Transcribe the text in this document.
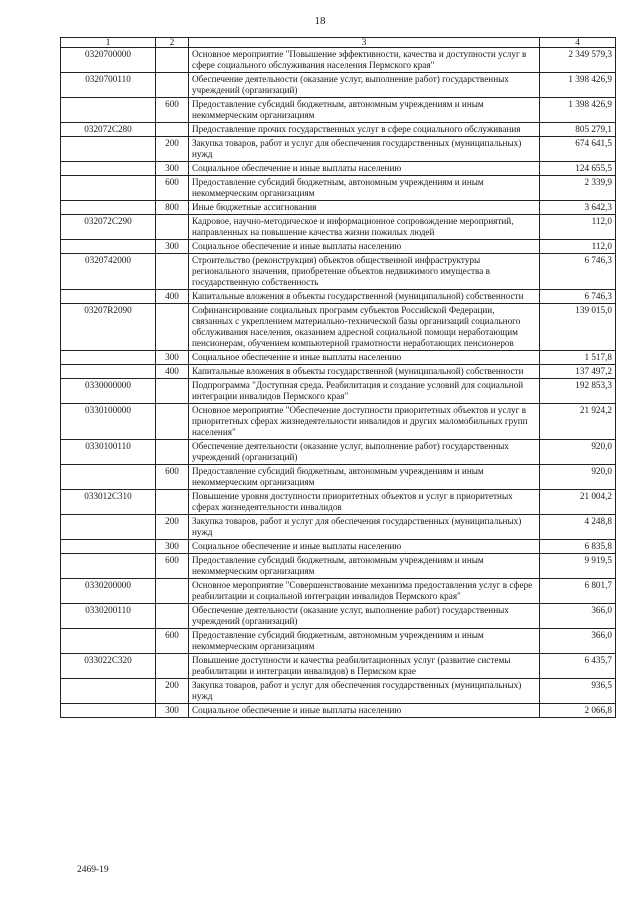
18
1	2	3	4
0320700000		Основное мероприятие "Повышение эффективности, качества и доступности услуг в сфере социального обслуживания населения Пермского края"	2 349 579,3
0320700110		Обеспечение деятельности (оказание услуг, выполнение работ) государственных учреждений (организаций)	1 398 426,9
	600	Предоставление субсидий бюджетным, автономным учреждениям и иным некоммерческим организациям	1 398 426,9
032072С280		Предоставление прочих государственных услуг в сфере социального обслуживания	805 279,1
	200	Закупка товаров, работ и услуг для обеспечения государственных (муниципальных) нужд	674 641,5
	300	Социальное обеспечение и иные выплаты населению	124 655,5
	600	Предоставление субсидий бюджетным, автономным учреждениям и иным некоммерческим организациям	2 339,9
	800	Иные бюджетные ассигнования	3 642,3
032072С290		Кадровое, научно-методическое и информационное сопровождение мероприятий, направленных на повышение качества жизни пожилых людей	112,0
	300	Социальное обеспечение и иные выплаты населению	112,0
0320742000		Строительство (реконструкция) объектов общественной инфраструктуры регионального значения, приобретение объектов недвижимого имущества в государственную собственность	6 746,3
	400	Капитальные вложения в объекты государственной (муниципальной) собственности	6 746,3
03207R2090		Софинансирование социальных программ субъектов Российской Федерации, связанных с укреплением материально-технической базы организаций социального обслуживания населения, оказанием адресной социальной помощи неработающим пенсионерам, обучением компьютерной грамотности неработающих пенсионеров	139 015,0
	300	Социальное обеспечение и иные выплаты населению	1 517,8
	400	Капитальные вложения в объекты государственной (муниципальной) собственности	137 497,2
0330000000		Подпрограмма "Доступная среда. Реабилитация и создание условий для социальной интеграции инвалидов Пермского края"	192 853,3
0330100000		Основное мероприятие "Обеспечение доступности приоритетных объектов и услуг в приоритетных сферах жизнедеятельности инвалидов и других маломобильных групп населения"	21 924,2
0330100110		Обеспечение деятельности (оказание услуг, выполнение работ) государственных учреждений (организаций)	920,0
	600	Предоставление субсидий бюджетным, автономным учреждениям и иным некоммерческим организациям	920,0
033012С310		Повышение уровня доступности приоритетных объектов и услуг в приоритетных сферах жизнедеятельности инвалидов	21 004,2
	200	Закупка товаров, работ и услуг для обеспечения государственных (муниципальных) нужд	4 248,8
	300	Социальное обеспечение и иные выплаты населению	6 835,8
	600	Предоставление субсидий бюджетным, автономным учреждениям и иным некоммерческим организациям	9 919,5
0330200000		Основное мероприятие "Совершенствование механизма предоставления услуг в сфере реабилитации и социальной интеграции инвалидов Пермского края"	6 801,7
0330200110		Обеспечение деятельности (оказание услуг, выполнение работ) государственных учреждений (организаций)	366,0
	600	Предоставление субсидий бюджетным, автономным учреждениям и иным некоммерческим организациям	366,0
033022С320		Повышение доступности и качества реабилитационных услуг (развитие системы реабилитации и интеграции инвалидов) в Пермском крае	6 435,7
	200	Закупка товаров, работ и услуг для обеспечения государственных (муниципальных) нужд	936,5
	300	Социальное обеспечение и иные выплаты населению	2 066,8
2469-19
